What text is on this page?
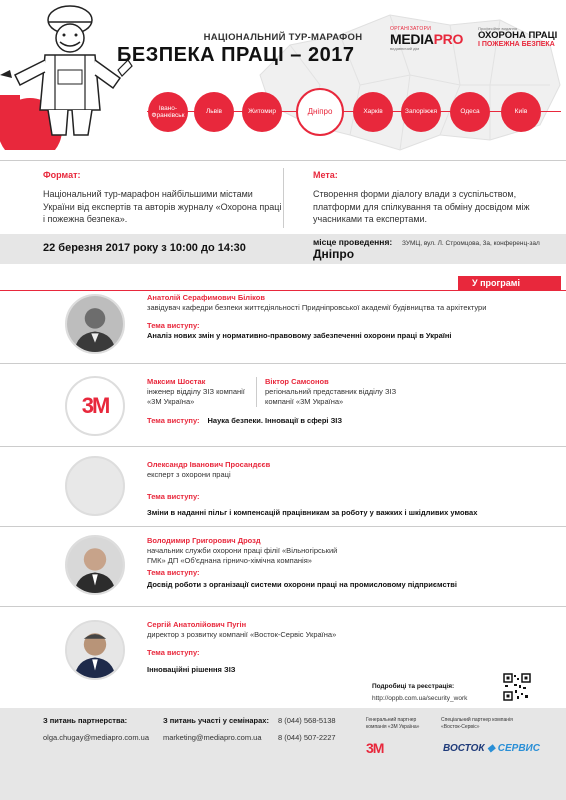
НАЦІОНАЛЬНИЙ ТУР-МАРАФОН
БЕЗПЕКА ПРАЦІ – 2017
ОРГАНІЗАТОРИ
MEDIAPRO
видавничий дім
Професійне видання
ОХОРОНА ПРАЦІ
І ПОЖЕЖНА БЕЗПЕКА
Івано-Франківськ
Львів	Житомир	Дніпро	Харків	Запоріжжя	Одеса	Київ
Формат:
Національний тур-марафон найбільшими містами України від експертів та авторів журналу «Охорона праці і пожежна безпека».
Мета:
Створення форми діалогу влади з суспільством, платформи для спілкування та обміну досвідом між учасниками та експертами.
22 березня 2017 року з 10:00 до 14:30	місце проведення:
Дніпро
ЗУМЦ, вул. Л. Стромцова, 3а, конференц-зал
У програмі
Анатолій Серафимович Біліков
завідувач кафедри безпеки життєдіяльності Придніпровської академії будівництва та архітектури
Тема виступу:
Аналіз нових змін у нормативно-правовому забезпеченні охорони праці в Україні
3M
Максим Шостак
інженер відділу ЗІЗ компанії «3М Україна»
Віктор Самсонов
регіональний представник відділу ЗІЗ компанії «3М Україна»
Тема виступу: Наука безпеки. Інновації в сфері ЗІЗ
Олександр Іванович Просандєєв
експерт з охорони праці
Тема виступу:
Зміни в наданні пільг і компенсацій працівникам за роботу у важких і шкідливих умовах
Володимир Григорович Дрозд
начальник служби охорони праці філії «Вільногірський ГМК» ДП «Об'єднана гірничо-хімічна компанія»
Тема виступу:
Досвід роботи з організації системи охорони праці на промисловому підприємстві
Сергій Анатолійович Пугін
директор з розвитку компанії «Восток-Сервіс Україна»
Тема виступу:
Інноваційні рішення ЗІЗ
Подробиці та реєстрація:
http://oppb.com.ua/security_work
З питань партнерства:
olga.chugay@mediapro.com.ua
З питань участі у семінарах:
marketing@mediapro.com.ua
8 (044) 568-5138
8 (044) 507-2227
Генеральний партнер компанія «3М Україна»
Спеціальний партнер компанія «Восток-Сервіс»
3M	ВОСТОК ◆ СЕРВИС
